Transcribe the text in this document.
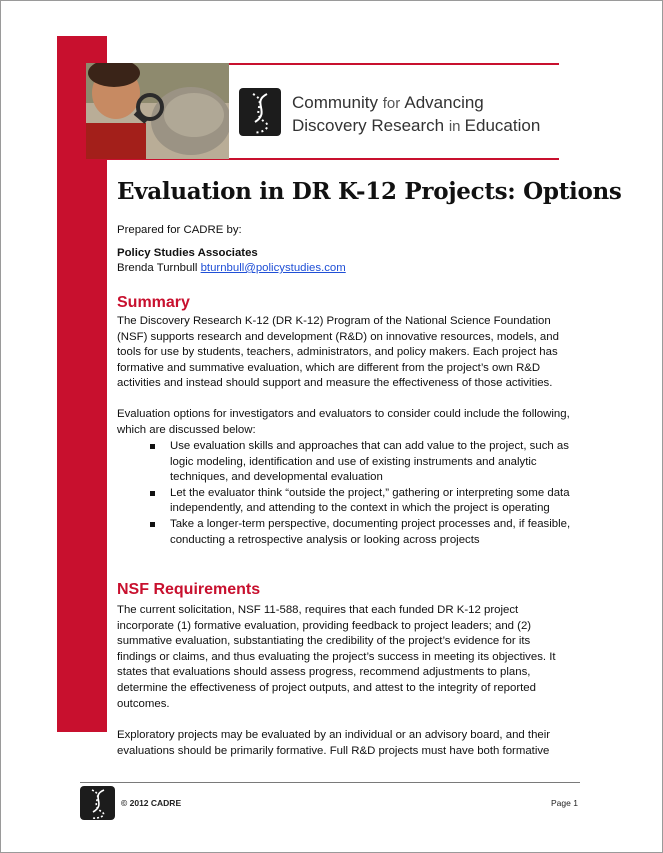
Community for Advancing
Discovery Research in Education
Evaluation in DR K-12 Projects: Options
Prepared for CADRE by:
Policy Studies Associates
Brenda Turnbull bturnbull@policystudies.com
Summary
The Discovery Research K-12 (DR K-12) Program of the National Science Foundation (NSF) supports research and development (R&D) on innovative resources, models, and tools for use by students, teachers, administrators, and policy makers. Each project has formative and summative evaluation, which are different from the project’s own R&D activities and instead should support and measure the effectiveness of those activities.
Evaluation options for investigators and evaluators to consider could include the following, which are discussed below:
Use evaluation skills and approaches that can add value to the project, such as logic modeling, identification and use of existing instruments and analytic techniques, and developmental evaluation
Let the evaluator think “outside the project,” gathering or interpreting some data independently, and attending to the context in which the project is operating
Take a longer-term perspective, documenting project processes and, if feasible, conducting a retrospective analysis or looking across projects
NSF Requirements
The current solicitation, NSF 11-588, requires that each funded DR K-12 project incorporate (1) formative evaluation, providing feedback to project leaders; and (2) summative evaluation, substantiating the credibility of the project’s evidence for its findings or claims, and thus evaluating the project’s success in meeting its objectives. It states that evaluations should assess progress, recommend adjustments to plans, determine the effectiveness of project outputs, and attest to the integrity of reported outcomes.
Exploratory projects may be evaluated by an individual or an advisory board, and their evaluations should be primarily formative. Full R&D projects must have both formative
© 2012 CADRE	Page 1
